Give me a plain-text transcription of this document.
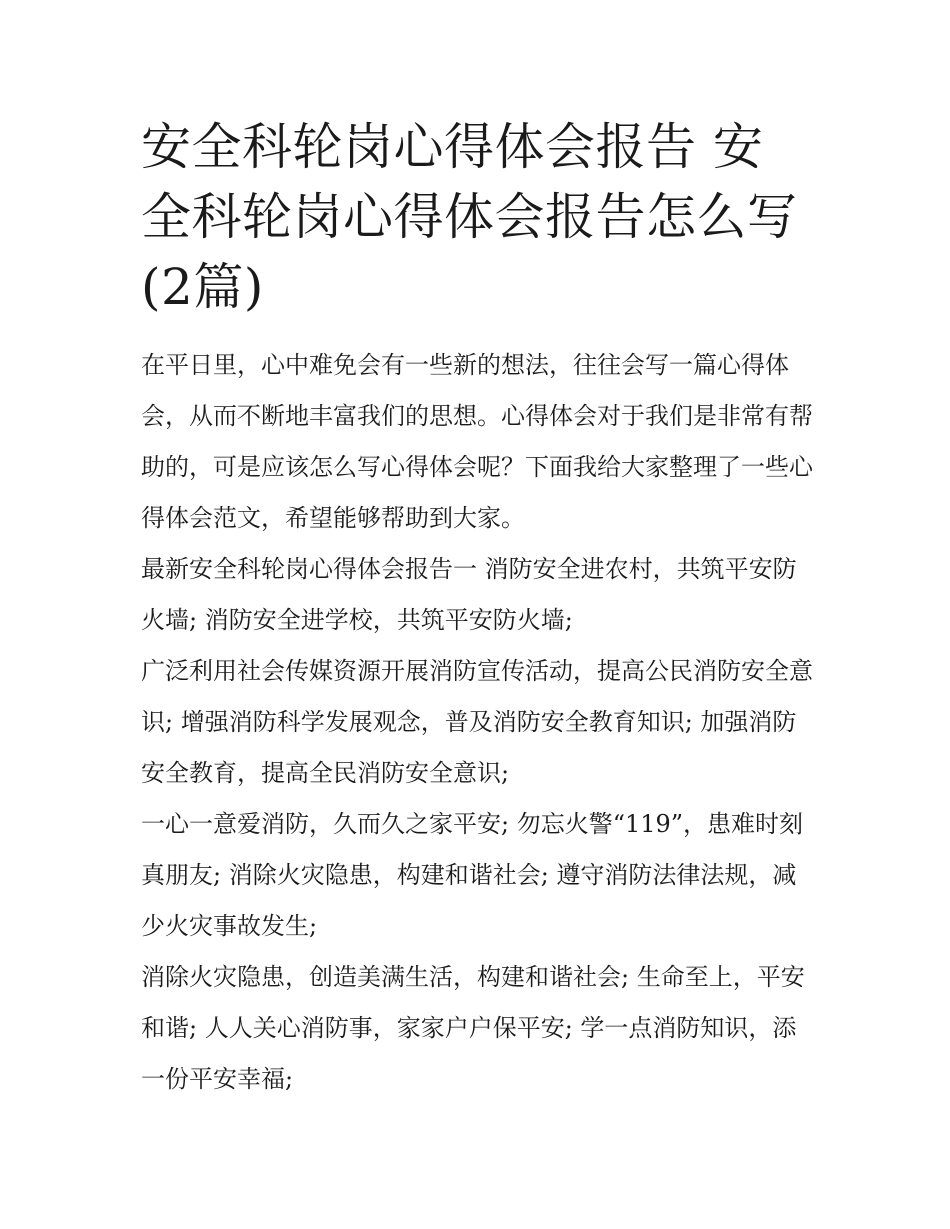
安全科轮岗心得体会报告 安全科轮岗心得体会报告怎么写(2篇)

在平日里，心中难免会有一些新的想法，往往会写一篇心得体会，从而不断地丰富我们的思想。心得体会对于我们是非常有帮助的，可是应该怎么写心得体会呢？下面我给大家整理了一些心得体会范文，希望能够帮助到大家。

最新安全科轮岗心得体会报告一 消防安全进农村，共筑平安防火墙; 消防安全进学校，共筑平安防火墙;

广泛利用社会传媒资源开展消防宣传活动，提高公民消防安全意识; 增强消防科学发展观念，普及消防安全教育知识; 加强消防安全教育，提高全民消防安全意识;

一心一意爱消防，久而久之家平安; 勿忘火警“119”，患难时刻真朋友; 消除火灾隐患，构建和谐社会; 遵守消防法律法规，减少火灾事故发生;

消除火灾隐患，创造美满生活，构建和谐社会; 生命至上，平安和谐; 人人关心消防事，家家户户保平安; 学一点消防知识，添一份平安幸福;
